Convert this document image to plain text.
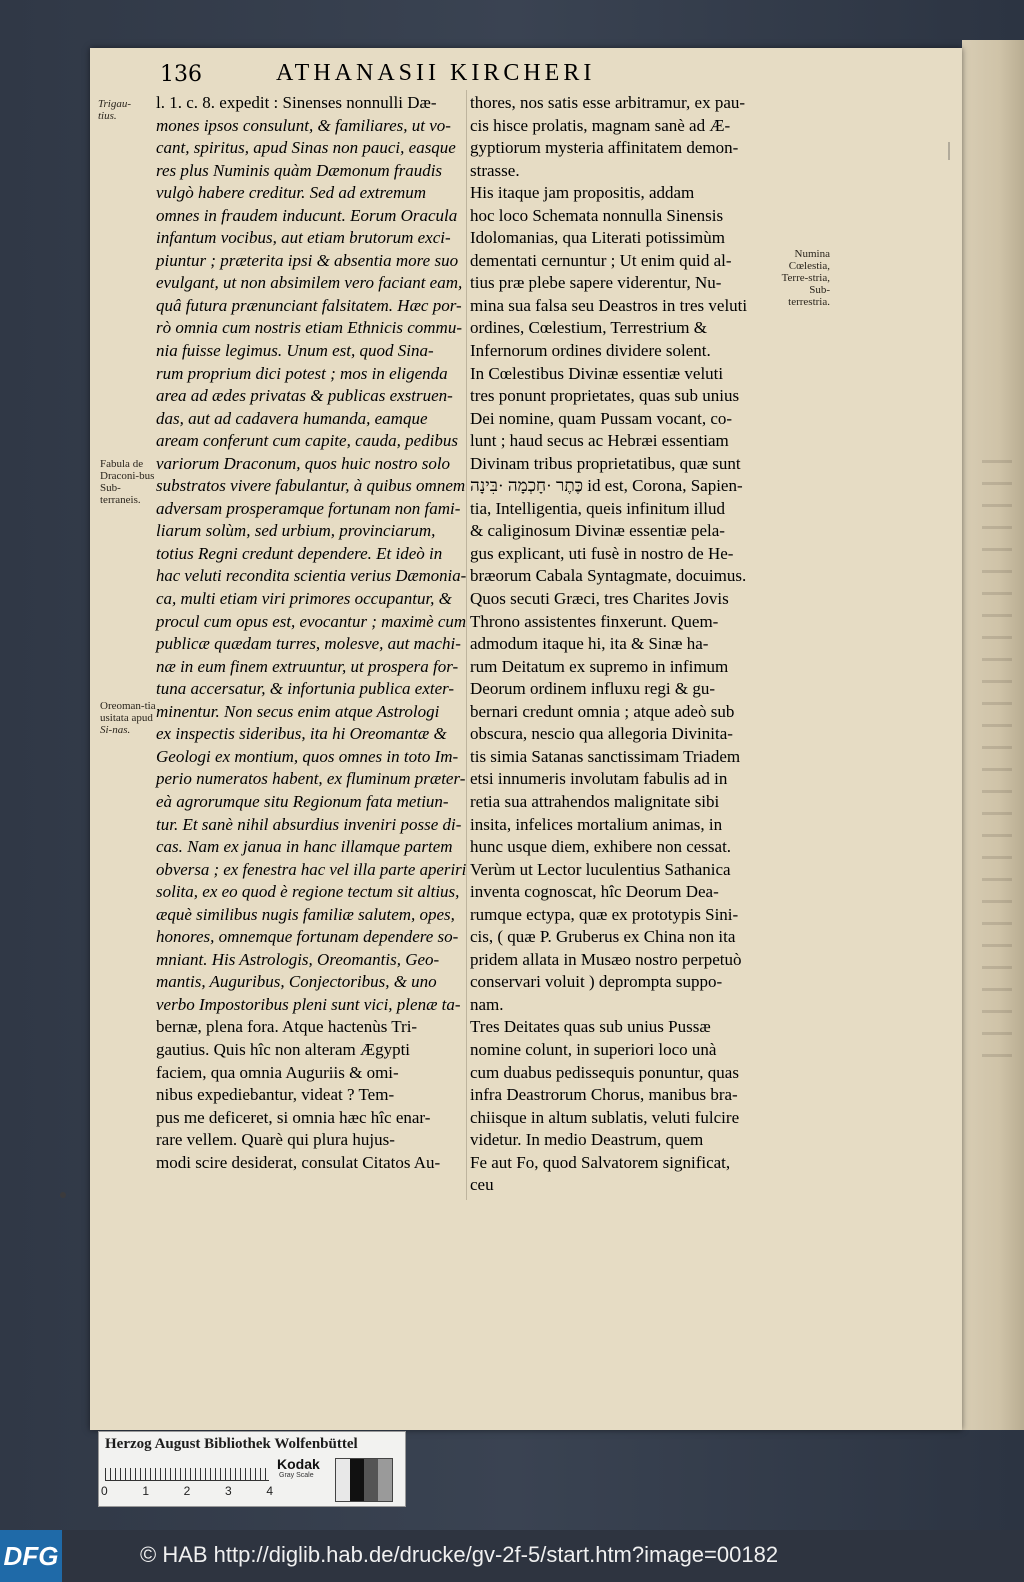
136	ATHANASII KIRCHERI
l. 1. c. 8. expedit : Sinenses nonnulli Dæ-
mones ipsos consulunt, & familiares, ut vo-
cant, spiritus, apud Sinas non pauci, easque
res plus Numinis quàm Dæmonum fraudis
vulgò habere creditur. Sed ad extremum
omnes in fraudem inducunt. Eorum Oracula
infantum vocibus, aut etiam brutorum exci-
piuntur ; præterita ipsi & absentia more suo
evulgant, ut non absimilem vero faciant eam,
quâ futura prænunciant falsitatem. Hæc por-
rò omnia cum nostris etiam Ethnicis commu-
nia fuisse legimus. Unum est, quod Sina-
rum proprium dici potest ; mos in eligenda
area ad ædes privatas & publicas exstruen-
das, aut ad cadavera humanda, eamque
aream conferunt cum capite, cauda, pedibus
variorum Draconum, quos huic nostro solo
substratos vivere fabulantur, à quibus omnem
adversam prosperamque fortunam non fami-
liarum solùm, sed urbium, provinciarum,
totius Regni credunt dependere. Et ideò in
hac veluti recondita scientia verius Dæmonia-
ca, multi etiam viri primores occupantur, &
procul cum opus est, evocantur ; maximè cum
publicæ quædam turres, molesve, aut machi-
næ in eum finem extruuntur, ut prospera for-
tuna accersatur, & infortunia publica exter-
minentur. Non secus enim atque Astrologi
ex inspectis sideribus, ita hi Oreomantæ &
Geologi ex montium, quos omnes in toto Im-
perio numeratos habent, ex fluminum præter-
eà agrorumque situ Regionum fata metiun-
tur. Et sanè nihil absurdius inveniri posse di-
cas. Nam ex janua in hanc illamque partem
obversa ; ex fenestra hac vel illa parte aperiri
solita, ex eo quod è regione tectum sit altius,
æquè similibus nugis familiæ salutem, opes,
honores, omnemque fortunam dependere so-
mniant. His Astrologis, Oreomantis, Geo-
mantis, Auguribus, Conjectoribus, & uno
verbo Impostoribus pleni sunt vici, plenæ ta-
bernæ, plena fora. Atque hactenùs Tri-
gautius. Quis hîc non alteram Ægypti
faciem, qua omnia Auguriis & omi-
nibus expediebantur, videat ? Tem-
pus me deficeret, si omnia hæc hîc enar-
rare vellem. Quarè qui plura hujus-
modi scire desiderat, consulat Citatos Au-
thores, nos satis esse arbitramur, ex pau-
cis hisce prolatis, magnam sanè ad Æ-
gyptiorum mysteria affinitatem demon-
strasse.
His itaque jam propositis, addam
hoc loco Schemata nonnulla Sinensis
Idolomanias, qua Literati potissimùm
dementati cernuntur ; Ut enim quid al-
tius præ plebe sapere viderentur, Nu-
mina sua falsa seu Deastros in tres veluti
ordines, Cœlestium, Terrestrium &
Infernorum ordines dividere solent.
In Cœlestibus Divinæ essentiæ veluti
tres ponunt proprietates, quas sub unius
Dei nomine, quam Pussam vocant, co-
lunt ; haud secus ac Hebræi essentiam
Divinam tribus proprietatibus, quæ sunt
כֶּתֶר ·חָכְמָה ·בִּינָה id est, Corona, Sapien-
tia, Intelligentia, queis infinitum illud
& caliginosum Divinæ essentiæ pela-
gus explicant, uti fusè in nostro de He-
bræorum Cabala Syntagmate, docuimus.
Quos secuti Græci, tres Charites Jovis
Throno assistentes finxerunt. Quem-
admodum itaque hi, ita & Sinæ ha-
rum Deitatum ex supremo in infimum
Deorum ordinem influxu regi & gu-
bernari credunt omnia ; atque adeò sub
obscura, nescio qua allegoria Divinita-
tis simia Satanas sanctissimam Triadem
etsi innumeris involutam fabulis ad in
retia sua attrahendos malignitate sibi
insita, infelices mortalium animas, in
hunc usque diem, exhibere non cessat.
Verùm ut Lector luculentius Sathanica
inventa cognoscat, hîc Deorum Dea-
rumque ectypa, quæ ex prototypis Sini-
cis, ( quæ P. Gruberus ex China non ita
pridem allata in Musæo nostro perpetuò
conservari voluit ) deprompta suppo-
nam.
Tres Deitates quas sub unius Pussæ
nomine colunt, in superiori loco unà
cum duabus pedissequis ponuntur, quas
infra Deastrorum Chorus, manibus bra-
chiisque in altum sublatis, veluti fulcire
videtur. In medio Deastrum, quem
Fe aut Fo, quod Salvatorem significat,
ceu
Trigau-tius.
Fabula de Draconi-bus Sub-terraneis.
Oreoman-tia usitata apud Si-nas.
Numina Cœlestia, Terre-stria, Sub-terrestria.
Herzog August Bibliothek Wolfenbüttel
0	1	2	3	4
Kodak
Gray Scale
DFG	© HAB http://diglib.hab.de/drucke/gv-2f-5/start.htm?image=00182
